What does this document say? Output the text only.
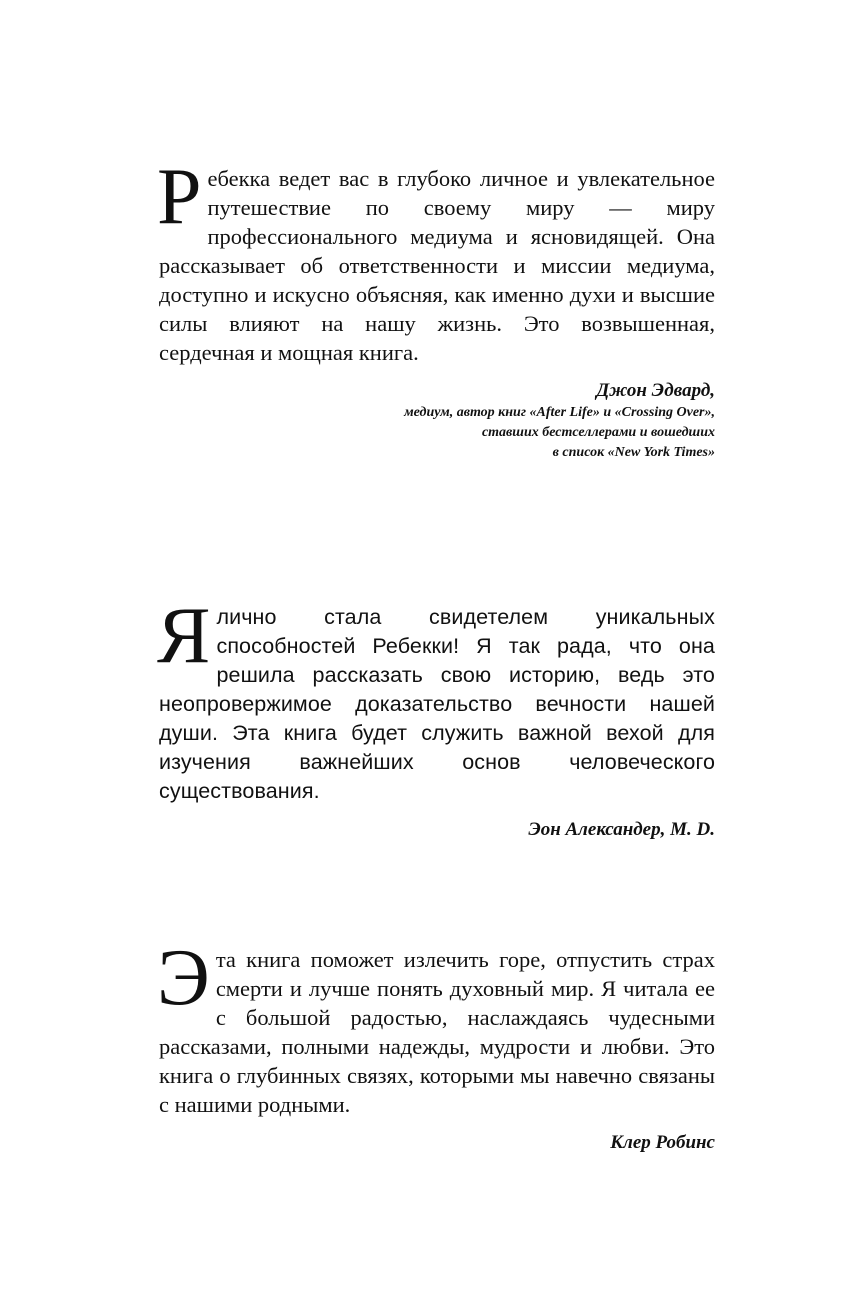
Ребекка ведет вас в глубоко личное и увлекательное путешествие по своему миру — миру профессионального медиума и ясновидящей. Она рассказывает об ответственности и миссии медиума, доступно и искусно объясняя, как именно духи и высшие силы влияют на нашу жизнь. Это возвышенная, сердечная и мощная книга.

Джон Эдвард,
медиум, автор книг «After Life» и «Crossing Over»,
ставших бестселлерами и вошедших
в список «New York Times»

Ялично стала свидетелем уникальных способностей Ребекки! Я так рада, что она решила рассказать свою историю, ведь это неопровержимое доказательство вечности нашей души. Эта книга будет служить важной вехой для изучения важнейших основ человеческого существования.

Эон Александер, М. D.

Эта книга поможет излечить горе, отпустить страх смерти и лучше понять духовный мир. Я читала ее с большой радостью, наслаждаясь чудесными рассказами, полными надежды, мудрости и любви. Это книга о глубинных связях, которыми мы навечно связаны с нашими родными.

Клер Робинс
